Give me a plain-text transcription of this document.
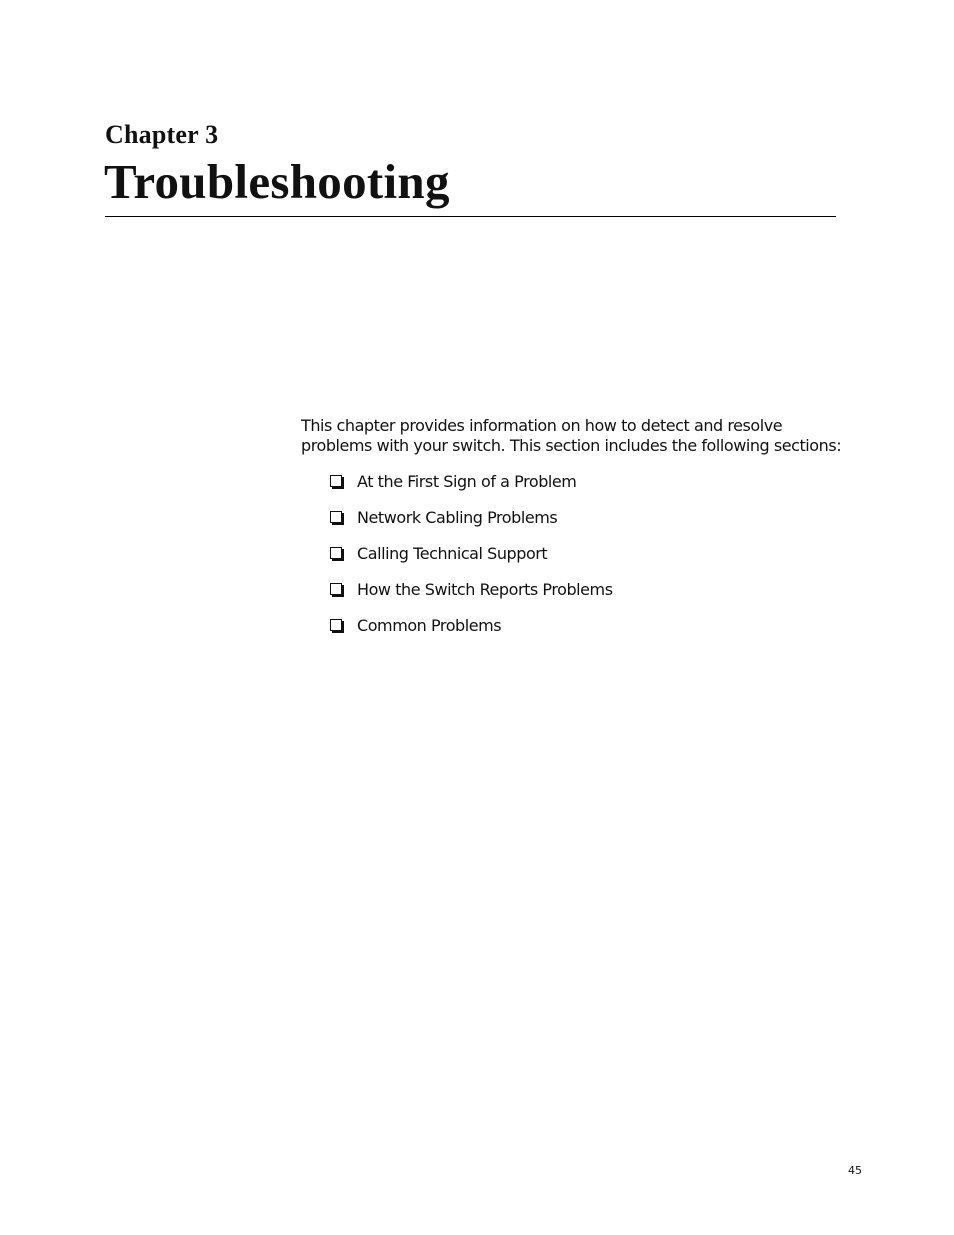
Chapter 3
Troubleshooting

This chapter provides information on how to detect and resolve
problems with your switch. This section includes the following sections:

At the First Sign of a Problem
Network Cabling Problems
Calling Technical Support
How the Switch Reports Problems
Common Problems

45
